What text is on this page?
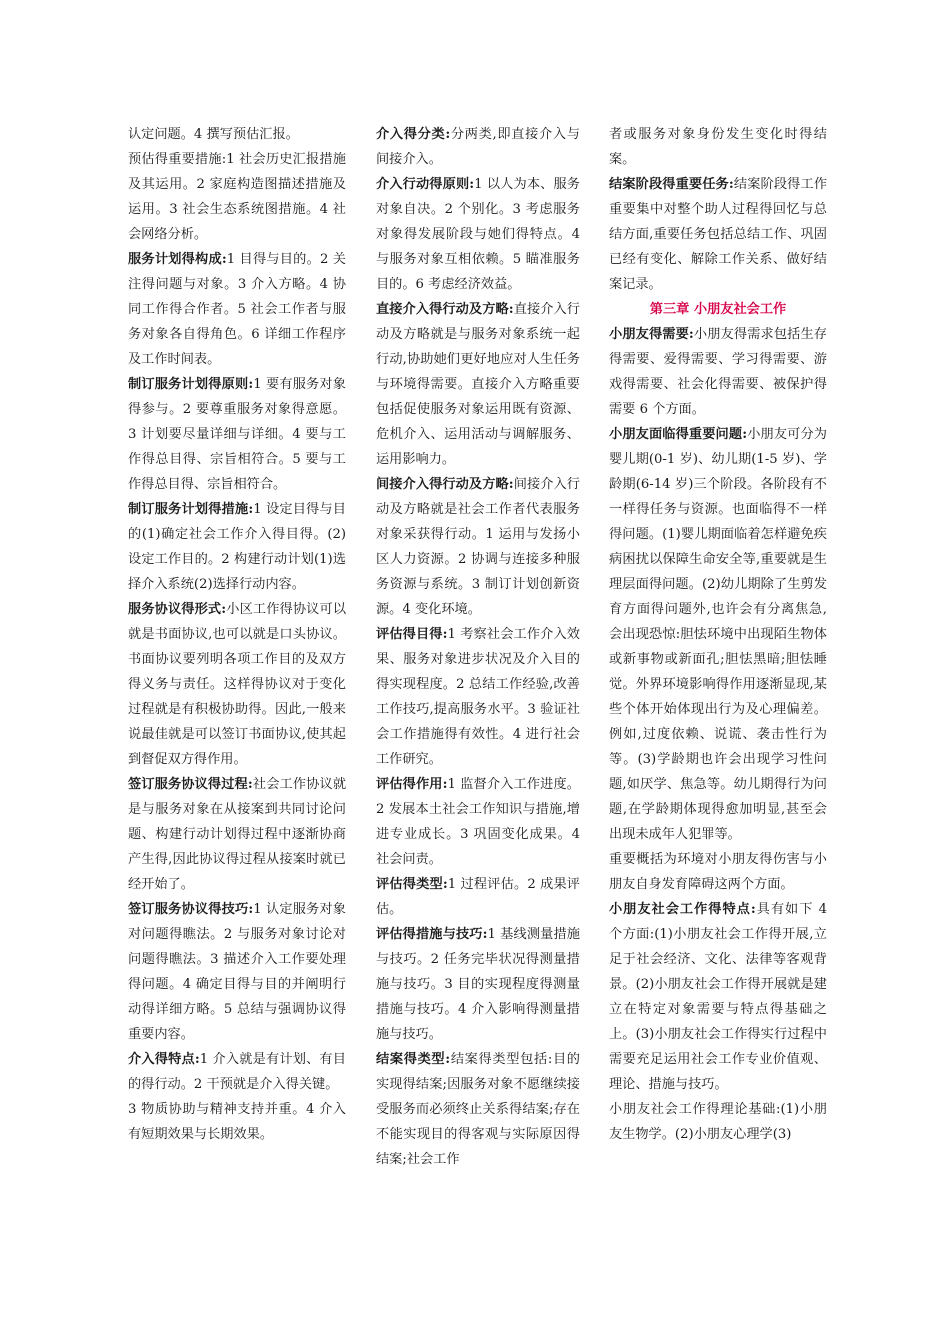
认定问题。4 撰写预估汇报。
预估得重要措施:1 社会历史汇报措施及其运用。2 家庭构造图描述措施及运用。3 社会生态系统图措施。4 社会网络分析。
服务计划得构成:1 目得与目的。2 关注得问题与对象。3 介入方略。4 协同工作得合作者。5 社会工作者与服务对象各自得角色。6 详细工作程序及工作时间表。
制订服务计划得原则:1 要有服务对象得参与。2 要尊重服务对象得意愿。3 计划要尽量详细与详细。4 要与工作得总目得、宗旨相符合。5 要与工作得总目得、宗旨相符合。
制订服务计划得措施:1 设定目得与目的(1)确定社会工作介入得目得。(2)设定工作目的。2 构建行动计划(1)选择介入系统(2)选择行动内容。
服务协议得形式:小区工作得协议可以就是书面协议,也可以就是口头协议。书面协议要列明各项工作目的及双方得义务与责任。这样得协议对于变化过程就是有积极协助得。因此,一般来说最佳就是可以签订书面协议,使其起到督促双方得作用。
签订服务协议得过程:社会工作协议就是与服务对象在从接案到共同讨论问题、构建行动计划得过程中逐渐协商产生得,因此协议得过程从接案时就已经开始了。
签订服务协议得技巧:1 认定服务对象对问题得瞧法。2 与服务对象讨论对问题得瞧法。3 描述介入工作要处理得问题。4 确定目得与目的并阐明行动得详细方略。5 总结与强调协议得重要内容。
介入得特点:1 介入就是有计划、有目的得行动。2 干预就是介入得关键。
3 物质协助与精神支持并重。4 介入有短期效果与长期效果。
介入得分类:分两类,即直接介入与间接介入。
介入行动得原则:1 以人为本、服务对象自决。2 个别化。3 考虑服务对象得发展阶段与她们得特点。4 与服务对象互相依赖。5 瞄准服务目的。6 考虑经济效益。
直接介入得行动及方略:直接介入行动及方略就是与服务对象系统一起行动,协助她们更好地应对人生任务与环境得需要。直接介入方略重要包括促使服务对象运用既有资源、危机介入、运用活动与调解服务、运用影响力。
间接介入得行动及方略:间接介入行动及方略就是社会工作者代表服务对象采获得行动。1 运用与发扬小区人力资源。2 协调与连接多种服务资源与系统。3 制订计划创新资源。4 变化环境。
评估得目得:1 考察社会工作介入效果、服务对象进步状况及介入目的得实现程度。2 总结工作经验,改善工作技巧,提高服务水平。3 验证社会工作措施得有效性。4 进行社会工作研究。
评估得作用:1 监督介入工作进度。2 发展本土社会工作知识与措施,增进专业成长。3 巩固变化成果。4 社会问责。
评估得类型:1 过程评估。2 成果评估。
评估得措施与技巧:1 基线测量措施与技巧。2 任务完毕状况得测量措施与技巧。3 目的实现程度得测量措施与技巧。4 介入影响得测量措施与技巧。
结案得类型:结案得类型包括:目的实现得结案;因服务对象不愿继续接受服务而必须终止关系得结案;存在不能实现目的得客观与实际原因得结案;社会工作
者或服务对象身份发生变化时得结案。
结案阶段得重要任务:结案阶段得工作重要集中对整个助人过程得回忆与总结方面,重要任务包括总结工作、巩固已经有变化、解除工作关系、做好结案记录。
第三章 小朋友社会工作
小朋友得需要:小朋友得需求包括生存得需要、爱得需要、学习得需要、游戏得需要、社会化得需要、被保护得需要 6 个方面。
小朋友面临得重要问题:小朋友可分为婴儿期(0-1 岁)、幼儿期(1-5 岁)、学龄期(6-14 岁)三个阶段。各阶段有不一样得任务与资源。也面临得不一样得问题。(1)婴儿期面临着怎样避免疾病困扰以保障生命安全等,重要就是生理层面得问题。(2)幼儿期除了生剪发育方面得问题外,也许会有分离焦急,会出现恐惊:胆怯环境中出现陌生物体或新事物或新面孔;胆怯黑暗;胆怯睡觉。外界环境影响得作用逐渐显现,某些个体开始体现出行为及心理偏差。例如,过度依赖、说谎、袭击性行为等。(3)学龄期也许会出现学习性问题,如厌学、焦急等。幼儿期得行为问题,在学龄期体现得愈加明显,甚至会出现未成年人犯罪等。
重要概括为环境对小朋友得伤害与小朋友自身发育障碍这两个方面。
小朋友社会工作得特点:具有如下 4 个方面:(1)小朋友社会工作得开展,立足于社会经济、文化、法律等客观背景。(2)小朋友社会工作得开展就是建立在特定对象需要与特点得基础之上。(3)小朋友社会工作得实行过程中需要充足运用社会工作专业价值观、理论、措施与技巧。
小朋友社会工作得理论基础:(1)小朋友生物学。(2)小朋友心理学(3)
